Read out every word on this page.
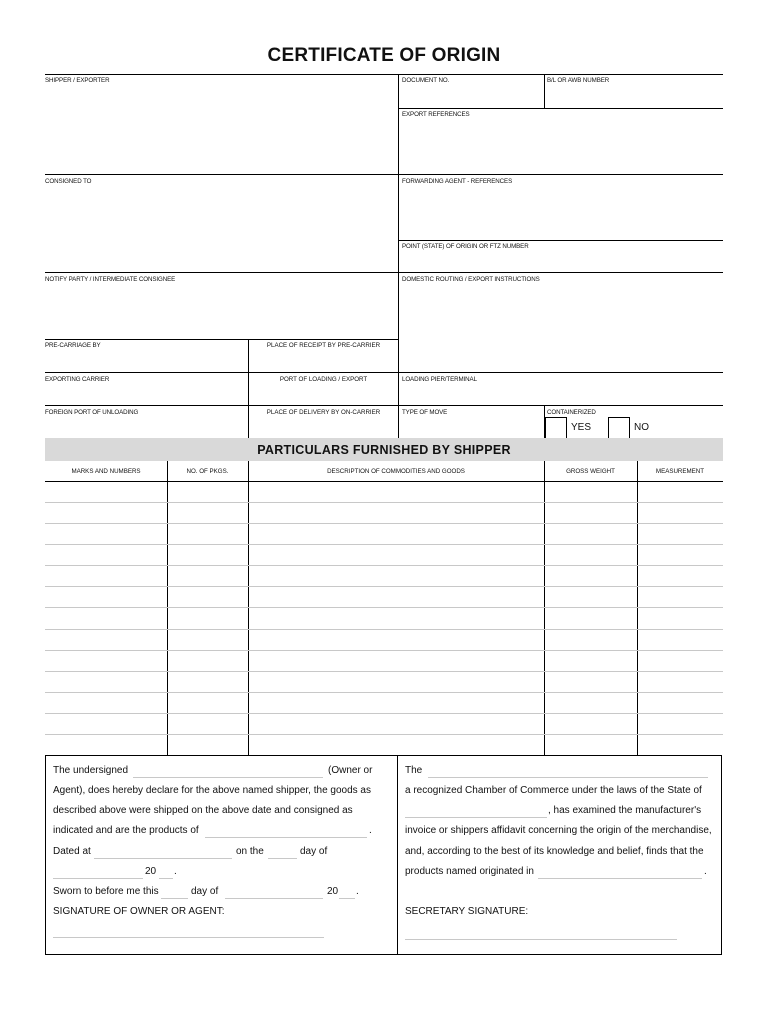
CERTIFICATE OF ORIGIN
SHIPPER / EXPORTER	DOCUMENT NO.	B/L OR AWB NUMBER
EXPORT REFERENCES
CONSIGNED TO	FORWARDING AGENT - REFERENCES
POINT (STATE) OF ORIGIN OR FTZ NUMBER
NOTIFY PARTY / INTERMEDIATE CONSIGNEE	DOMESTIC ROUTING / EXPORT INSTRUCTIONS
PRE-CARRIAGE BY	PLACE OF RECEIPT BY PRE-CARRIER
EXPORTING CARRIER	PORT OF LOADING / EXPORT	LOADING PIER/TERMINAL
FOREIGN PORT OF UNLOADING	PLACE OF DELIVERY BY ON-CARRIER	TYPE OF MOVE	CONTAINERIZED
YES	NO
PARTICULARS FURNISHED BY SHIPPER
MARKS AND NUMBERS	NO. OF PKGS.	DESCRIPTION OF COMMODITIES AND GOODS	GROSS WEIGHT	MEASUREMENT
The undersigned	(Owner or
Agent), does hereby declare for the above named shipper, the goods as
described above were shipped on the above date and consigned as
indicated and are the products of	.
Dated at	on the	day of
20 .
Sworn to before me this	day of	20 .
SIGNATURE OF OWNER OR AGENT:
The
a recognized Chamber of Commerce under the laws of the State of
, has examined the manufacturer's
invoice or shippers affidavit concerning the origin of the merchandise,
and, according to the best of its knowledge and belief, finds that the
products named originated in	.
SECRETARY SIGNATURE:
